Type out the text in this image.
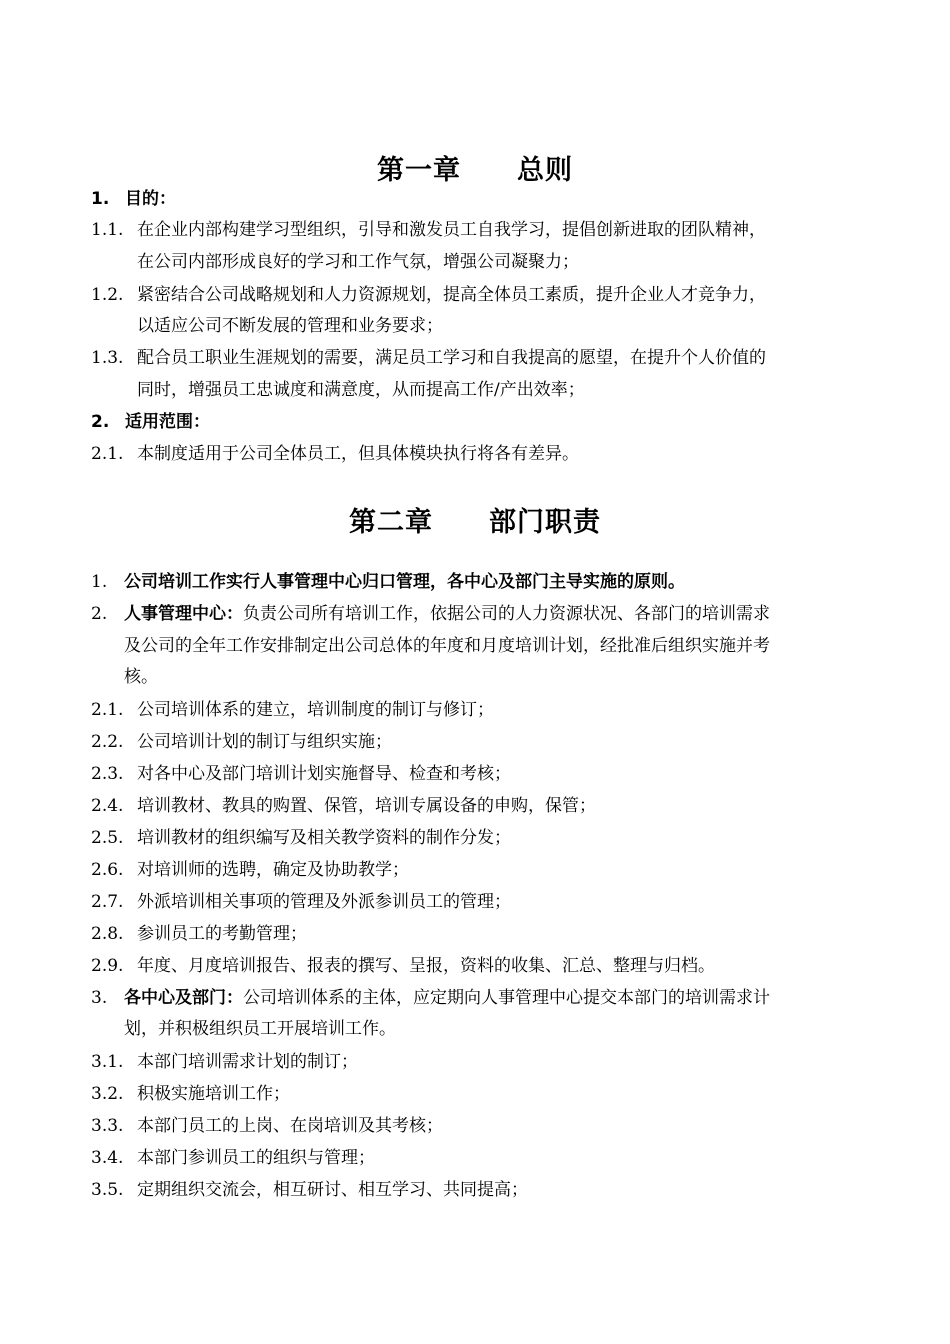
第一章　　总则
1. 目的：
1.1. 在企业内部构建学习型组织，引导和激发员工自我学习，提倡创新进取的团队精神，
在公司内部形成良好的学习和工作气氛，增强公司凝聚力；
1.2. 紧密结合公司战略规划和人力资源规划，提高全体员工素质，提升企业人才竞争力，
以适应公司不断发展的管理和业务要求；
1.3. 配合员工职业生涯规划的需要，满足员工学习和自我提高的愿望，在提升个人价值的
同时，增强员工忠诚度和满意度，从而提高工作/产出效率；
2. 适用范围：
2.1. 本制度适用于公司全体员工，但具体模块执行将各有差异。
第二章　　部门职责
1. 公司培训工作实行人事管理中心归口管理，各中心及部门主导实施的原则。
2. 人事管理中心：负责公司所有培训工作，依据公司的人力资源状况、各部门的培训需求
及公司的全年工作安排制定出公司总体的年度和月度培训计划，经批准后组织实施并考
核。
2.1. 公司培训体系的建立，培训制度的制订与修订；
2.2. 公司培训计划的制订与组织实施；
2.3. 对各中心及部门培训计划实施督导、检查和考核；
2.4. 培训教材、教具的购置、保管，培训专属设备的申购，保管；
2.5. 培训教材的组织编写及相关教学资料的制作分发；
2.6. 对培训师的选聘，确定及协助教学；
2.7. 外派培训相关事项的管理及外派参训员工的管理；
2.8. 参训员工的考勤管理；
2.9. 年度、月度培训报告、报表的撰写、呈报，资料的收集、汇总、整理与归档。
3. 各中心及部门：公司培训体系的主体，应定期向人事管理中心提交本部门的培训需求计
划，并积极组织员工开展培训工作。
3.1. 本部门培训需求计划的制订；
3.2. 积极实施培训工作；
3.3. 本部门员工的上岗、在岗培训及其考核；
3.4. 本部门参训员工的组织与管理；
3.5. 定期组织交流会，相互研讨、相互学习、共同提高；
